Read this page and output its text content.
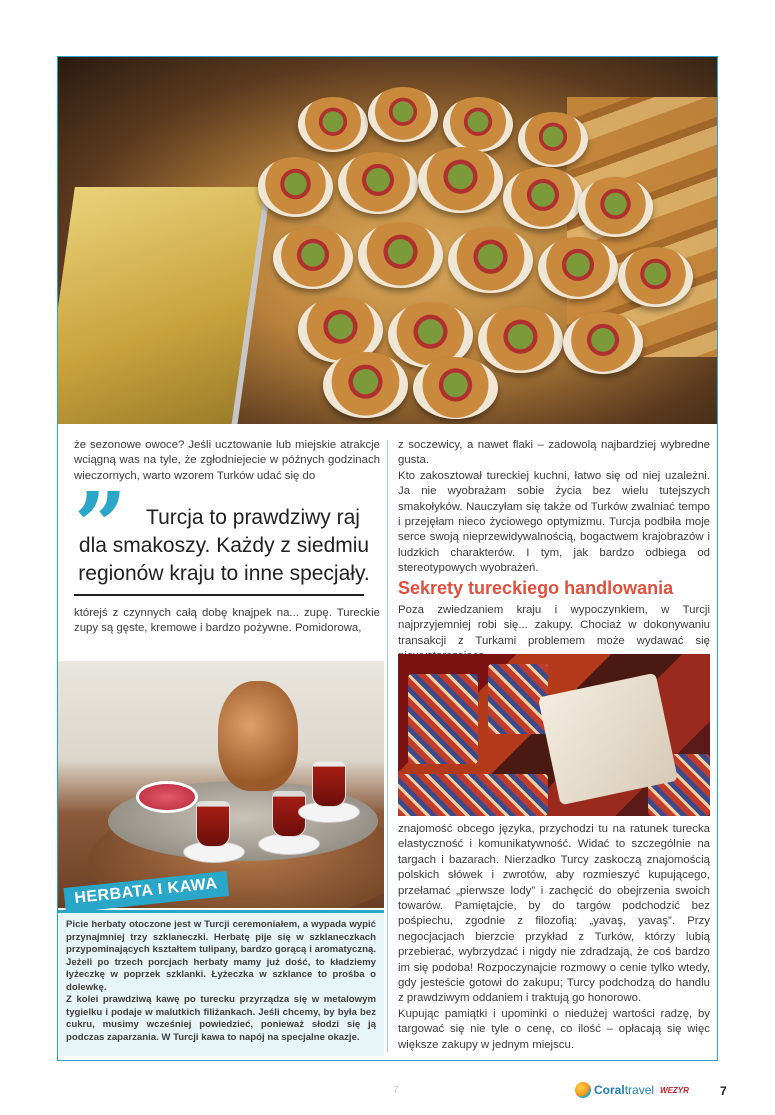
że sezonowe owoce? Jeśli ucztowanie lub miejskie atrakcje wciągną was na tyle, że zgłodniejecie w późnych godzinach wieczornych, warto wzorem Turków udać się do

” Turcja to prawdziwy raj
dla smakoszy. Każdy z siedmiu
regionów kraju to inne specjały.

którejś z czynnych całą dobę knajpek na... zupę. Tureckie zupy są gęste, kremowe i bardzo pożywne. Pomidorowa,

HERBATA I KAWA

Picie herbaty otoczone jest w Turcji ceremoniałem, a wypada wypić przynajmniej trzy szklaneczki. Herbatę pije się w szklaneczkach przypominających kształtem tulipany, bardzo gorącą i aromatyczną. Jeżeli po trzech porcjach herbaty mamy już dość, to kładziemy łyżeczkę w poprzek szklanki. Łyżeczka w szklance to prośba o dolewkę.

Z kolei prawdziwą kawę po turecku przyrządza się w metalowym tygielku i podaje w malutkich filiżankach. Jeśli chcemy, by była bez cukru, musimy wcześniej powiedzieć, ponieważ słodzi się ją podczas zaparzania. W Turcji kawa to napój na specjalne okazje.

z soczewicy, a nawet flaki – zadowolą najbardziej wybredne gusta.

Kto zakosztował tureckiej kuchni, łatwo się od niej uzależni. Ja nie wyobrażam sobie życia bez wielu tutejszych smakołyków. Nauczyłam się także od Turków zwalniać tempo i przejęłam nieco życiowego optymizmu. Turcja podbiła moje serce swoją nieprzewidywalnością, bogactwem krajobrazów i ludzkich charakterów. I tym, jak bardzo odbiega od stereotypowych wyobrażeń.

Sekrety tureckiego handlowania

Poza zwiedzaniem kraju i wypoczynkiem, w Turcji najprzyjemniej robi się... zakupy. Chociaż w dokonywaniu transakcji z Turkami problemem może wydawać się

znajomość obcego języka, przychodzi tu na ratunek turecka elastyczność i komunikatywność. Widać to szczególnie na targach i bazarach. Nierzadko Turcy zaskoczą znajomością polskich słówek i zwrotów, aby rozmieszyć kupującego, przełamać „pierwsze lody” i zachęcić do obejrzenia swoich towarów. Pamiętajcie, by do targów podchodzić bez pośpiechu, zgodnie z filozofią: „yavaş, yavaş”. Przy negocjacjach bierzcie przykład z Turków, którzy lubią przebierać, wybrzydzać i nigdy nie zdradzają, że coś bardzo im się podoba! Rozpoczynajcie rozmowy o cenie tylko wtedy, gdy jesteście gotowi do zakupu; Turcy podchodzą do handlu z prawdziwym oddaniem i traktują go honorowo.

Kupując pamiątki i upominki o niedużej wartości radzę, by targować się nie tyle o cenę, co ilość – opłacają się więc większe zakupy w jednym miejscu.

7	Coral travel WEZYR	7
